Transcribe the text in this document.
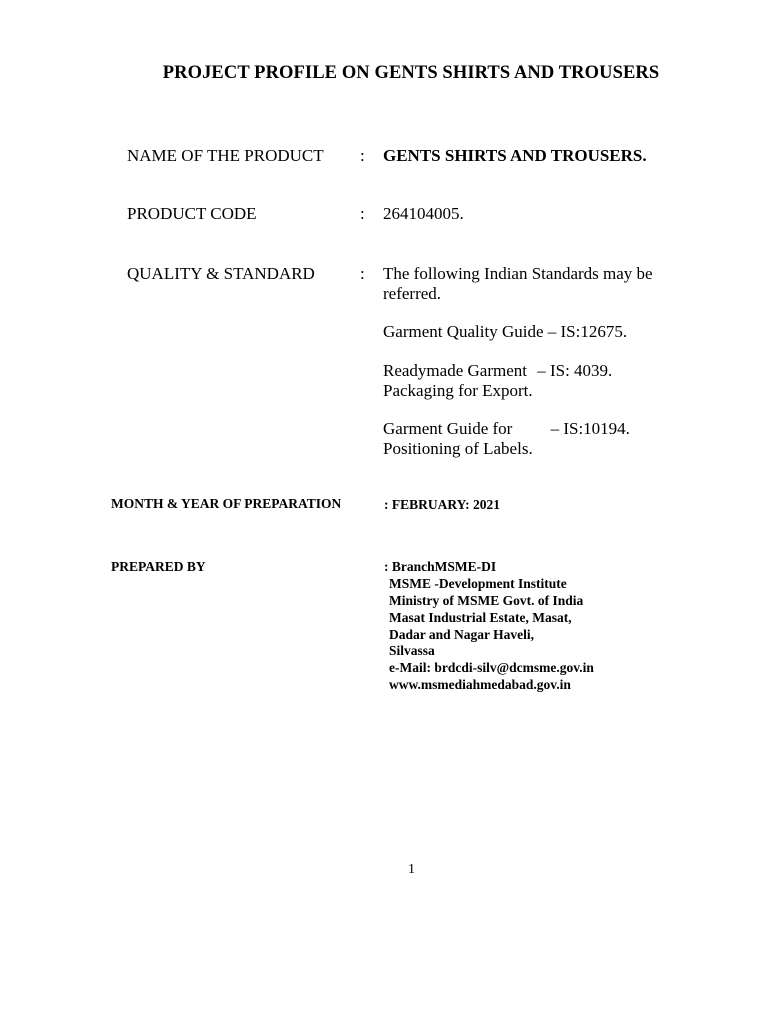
PROJECT PROFILE ON GENTS SHIRTS AND TROUSERS
NAME OF THE PRODUCT : GENTS SHIRTS AND TROUSERS.
PRODUCT CODE	: 264104005.
QUALITY & STANDARD	: The following Indian Standards may be
referred.
Garment Quality Guide – IS:12675.
Readymade Garment – IS: 4039.
Packaging for Export.
Garment Guide for – IS:10194.
Positioning of Labels.
MONTH & YEAR OF PREPARATION	: FEBRUARY: 2021
PREPARED BY	: BranchMSME-DI
MSME -Development Institute
Ministry of MSME Govt. of India
Masat Industrial Estate, Masat,
Dadar and Nagar Haveli,
Silvassa
e-Mail: brdcdi-silv@dcmsme.gov.in
www.msmediahmedabad.gov.in
1
